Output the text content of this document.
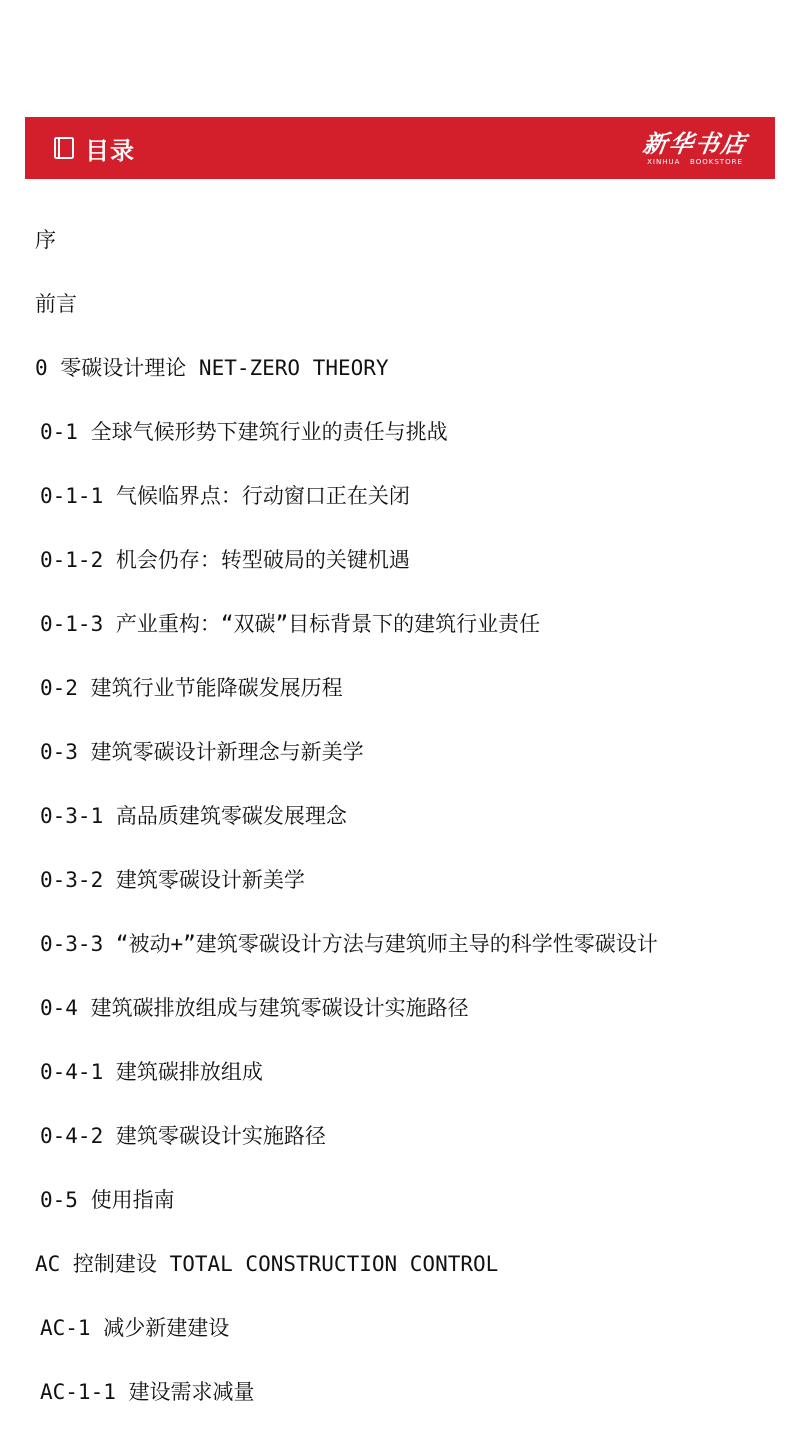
目录	新华书店
XINHUA   BOOKSTORE
序
前言
0 零碳设计理论 NET-ZERO THEORY
0-1 全球气候形势下建筑行业的责任与挑战
0-1-1 气候临界点：行动窗口正在关闭
0-1-2 机会仍存：转型破局的关键机遇
0-1-3 产业重构：“双碳”目标背景下的建筑行业责任
0-2 建筑行业节能降碳发展历程
0-3 建筑零碳设计新理念与新美学
0-3-1 高品质建筑零碳发展理念
0-3-2 建筑零碳设计新美学
0-3-3 “被动+”建筑零碳设计方法与建筑师主导的科学性零碳设计
0-4 建筑碳排放组成与建筑零碳设计实施路径
0-4-1 建筑碳排放组成
0-4-2 建筑零碳设计实施路径
0-5 使用指南
AC 控制建设 TOTAL CONSTRUCTION CONTROL
AC-1 减少新建建设
AC-1-1 建设需求减量
